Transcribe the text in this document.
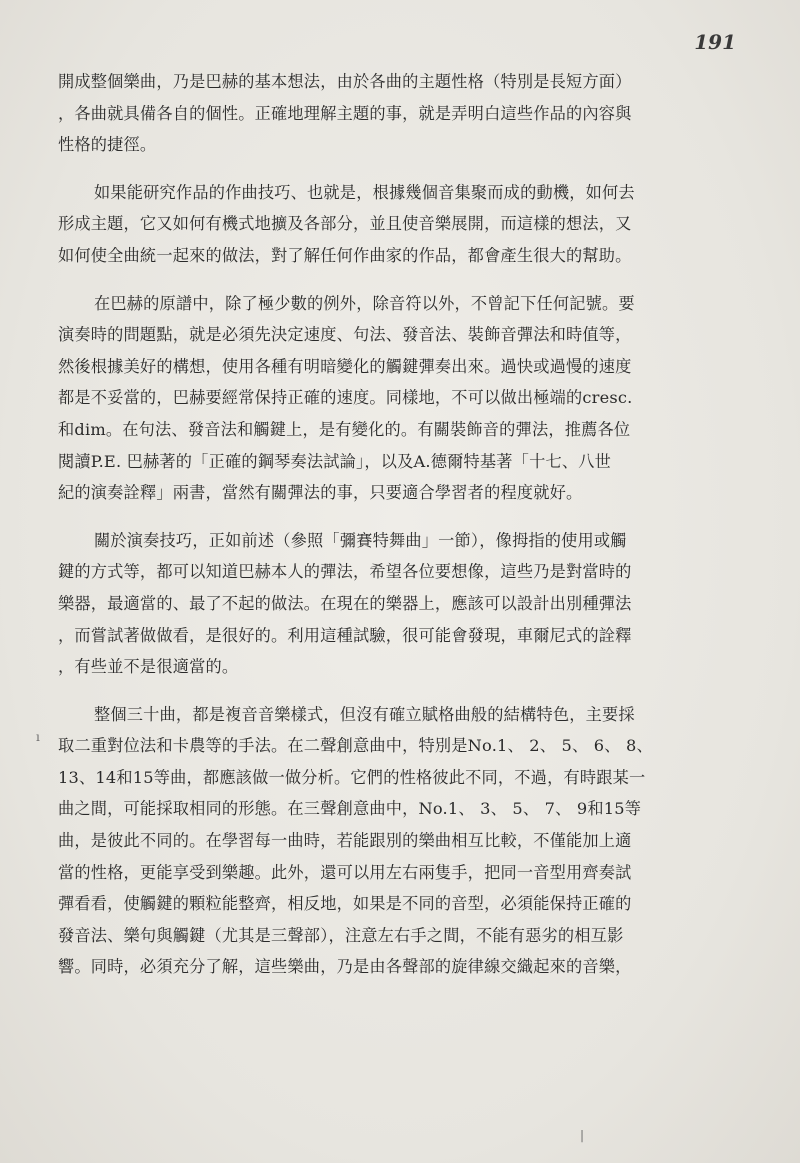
191
開成整個樂曲，乃是巴赫的基本想法，由於各曲的主題性格（特別是長短方面）
，各曲就具備各自的個性。正確地理解主題的事，就是弄明白這些作品的內容與
性格的捷徑。
如果能研究作品的作曲技巧、也就是，根據幾個音集聚而成的動機，如何去
形成主題，它又如何有機式地擴及各部分，並且使音樂展開，而這樣的想法，又
如何使全曲統一起來的做法，對了解任何作曲家的作品，都會產生很大的幫助。
在巴赫的原譜中，除了極少數的例外，除音符以外，不曾記下任何記號。要
演奏時的問題點，就是必須先決定速度、句法、發音法、裝飾音彈法和時值等，
然後根據美好的構想，使用各種有明暗變化的觸鍵彈奏出來。過快或過慢的速度
都是不妥當的，巴赫要經常保持正確的速度。同樣地，不可以做出極端的cresc.
和dim。在句法、發音法和觸鍵上，是有變化的。有關裝飾音的彈法，推薦各位
閱讀P.E. 巴赫著的「正確的鋼琴奏法試論」，以及A.德爾特基著「十七、八世
紀的演奏詮釋」兩書，當然有關彈法的事，只要適合學習者的程度就好。
關於演奏技巧，正如前述（參照「彌賽特舞曲」一節），像拇指的使用或觸
鍵的方式等，都可以知道巴赫本人的彈法，希望各位要想像，這些乃是對當時的
樂器，最適當的、最了不起的做法。在現在的樂器上，應該可以設計出別種彈法
，而嘗試著做做看，是很好的。利用這種試驗，很可能會發現，車爾尼式的詮釋
，有些並不是很適當的。
整個三十曲，都是複音音樂樣式，但沒有確立賦格曲般的結構特色，主要採
取二重對位法和卡農等的手法。在二聲創意曲中，特別是No.1、 2、 5、 6、 8、
13、14和15等曲，都應該做一做分析。它們的性格彼此不同，不過，有時跟某一
曲之間，可能採取相同的形態。在三聲創意曲中，No.1、 3、 5、 7、 9和15等
曲，是彼此不同的。在學習每一曲時，若能跟別的樂曲相互比較，不僅能加上適
當的性格，更能享受到樂趣。此外，還可以用左右兩隻手，把同一音型用齊奏試
彈看看，使觸鍵的顆粒能整齊，相反地，如果是不同的音型，必須能保持正確的
發音法、樂句與觸鍵（尤其是三聲部），注意左右手之間，不能有惡劣的相互影
響。同時，必須充分了解，這些樂曲，乃是由各聲部的旋律線交織起來的音樂，
ı
|
